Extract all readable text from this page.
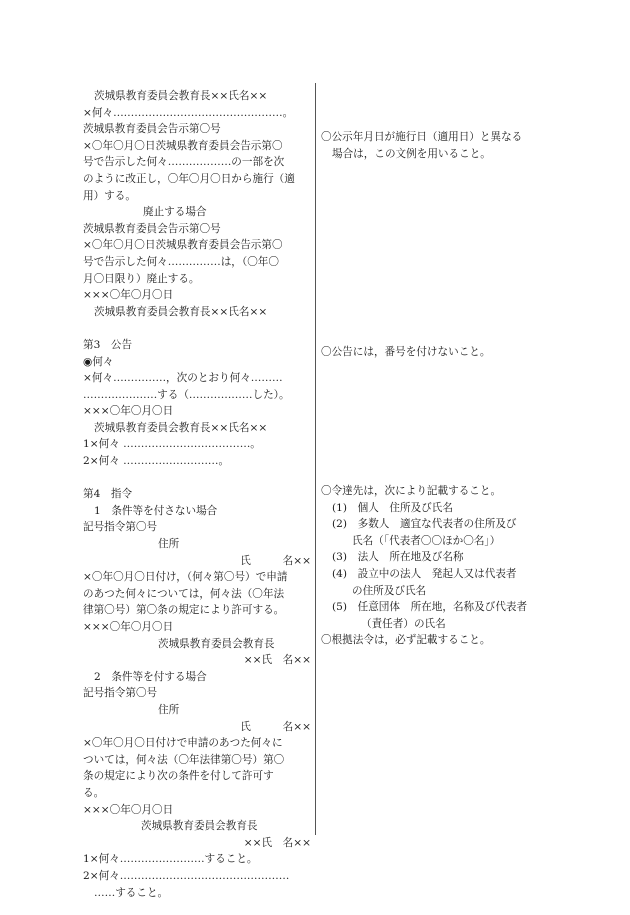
茨城県教育委員会教育長××氏名××
×何々…………………………………………。
茨城県教育委員会告示第〇号
×〇年〇月〇日茨城県教育委員会告示第〇
号で告示した何々………………の一部を次
のように改正し，〇年〇月〇日から施行（適
用）する。
廃止する場合
茨城県教育委員会告示第〇号
×〇年〇月〇日茨城県教育委員会告示第〇
号で告示した何々……………は，（〇年〇
月〇日限り）廃止する。
×××〇年〇月〇日
茨城県教育委員会教育長××氏名××
第3　公告
◉何々
×何々……………，次のとおり何々………
…………………する（………………した）。
×××〇年〇月〇日
茨城県教育委員会教育長××氏名××
1×何々 ………………………………。
2×何々 ………………………。
第4　指令
1　条件等を付さない場合
記号指令第〇号
住所
氏　　　名××
×〇年〇月〇日付け，（何々第〇号）で申請
のあつた何々については，何々法（〇年法
律第〇号）第〇条の規定により許可する。
×××〇年〇月〇日
茨城県教育委員会教育長
××氏　名××
2　条件等を付する場合
記号指令第〇号
住所
氏　　　名××
×〇年〇月〇日付けで申請のあつた何々に
ついては，何々法（〇年法律第〇号）第〇
条の規定により次の条件を付して許可す
る。
×××〇年〇月〇日
茨城県教育委員会教育長
××氏　名××
1×何々……………………すること。
2×何々…………………………………………
……すること。
〇公示年月日が施行日（適用日）と異なる
場合は，この文例を用いること。
〇公告には，番号を付けないこと。
〇令達先は，次により記載すること。
(1)　個人　住所及び氏名
(2)　多数人　適宜な代表者の住所及び
氏名（「代表者〇〇ほか〇名」）
(3)　法人　所在地及び名称
(4)　設立中の法人　発起人又は代表者
の住所及び氏名
(5)　任意団体　所在地，名称及び代表者
（責任者）の氏名
〇根拠法令は，必ず記載すること。
